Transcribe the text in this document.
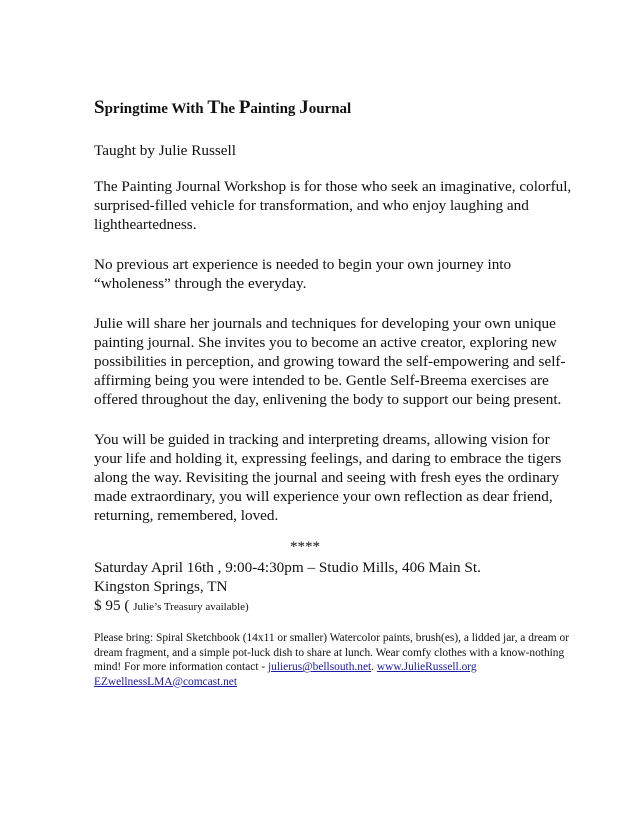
Springtime With The Painting Journal

Taught by Julie Russell

The Painting Journal Workshop is for those who seek an imaginative, colorful, surprised-filled vehicle for transformation, and who enjoy laughing and lightheartedness.

No previous art experience is needed to begin your own journey into “wholeness” through the everyday.

Julie will share her journals and techniques for developing your own unique painting journal. She invites you to become an active creator, exploring new possibilities in perception, and growing toward the self-empowering and self-affirming being you were intended to be. Gentle Self-Breema exercises are offered throughout the day, enlivening the body to support our being present.

You will be guided in tracking and interpreting dreams, allowing vision for your life and holding it, expressing feelings, and daring to embrace the tigers along the way. Revisiting the journal and seeing with fresh eyes the ordinary made extraordinary, you will experience your own reflection as dear friend, returning, remembered, loved.

****
Saturday April 16th , 9:00-4:30pm – Studio Mills, 406 Main St.
Kingston Springs, TN
$ 95 ( Julie’s Treasury available)

Please bring: Spiral Sketchbook (14x11 or smaller) Watercolor paints, brush(es), a lidded jar, a dream or dream fragment, and a simple pot-luck dish to share at lunch. Wear comfy clothes with a know-nothing mind! For more information contact - julierus@bellsouth.net. www.JulieRussell.org EZwellnessLMA@comcast.net
